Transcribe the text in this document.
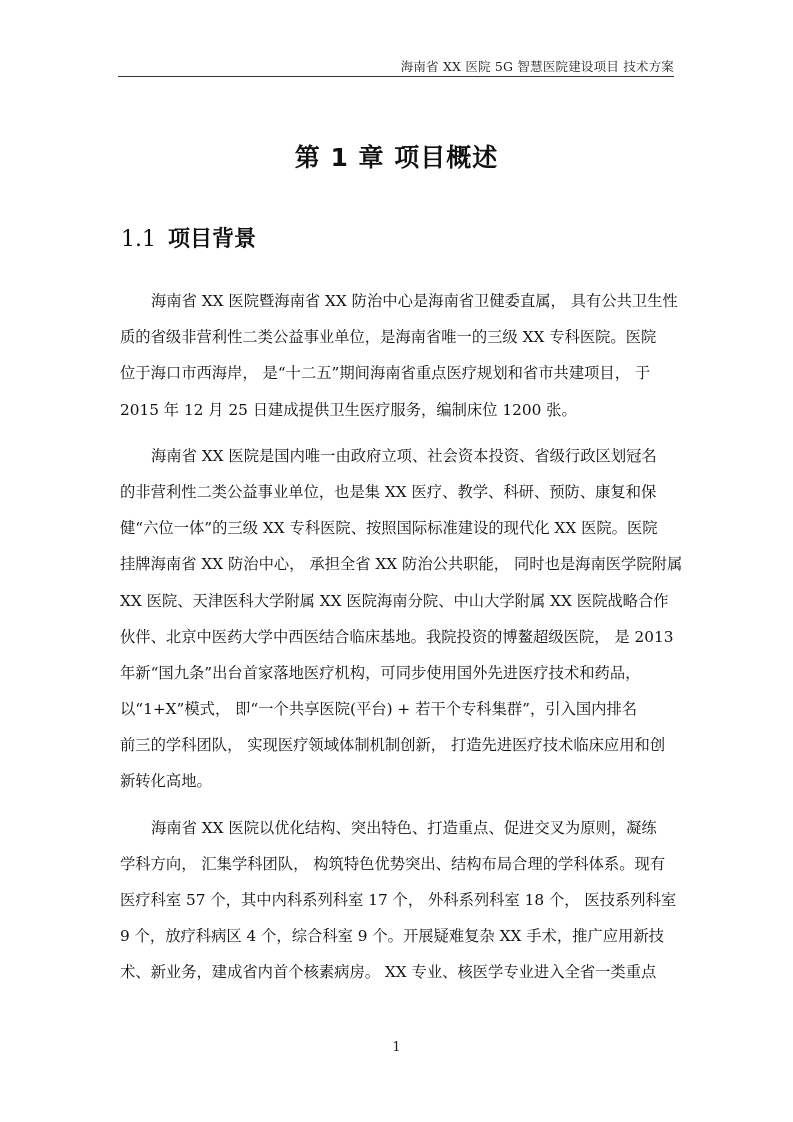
海南省 XX 医院 5G 智慧医院建设项目 技术方案
第 1 章 项目概述
1.1 项目背景
海南省 XX 医院暨海南省 XX 防治中心是海南省卫健委直属， 具有公共卫生性
质的省级非营利性二类公益事业单位，是海南省唯一的三级 XX 专科医院。医院
位于海口市西海岸， 是“十二五”期间海南省重点医疗规划和省市共建项目， 于
2015 年 12 月 25 日建成提供卫生医疗服务，编制床位 1200 张。
海南省 XX 医院是国内唯一由政府立项、社会资本投资、省级行政区划冠名
的非营利性二类公益事业单位，也是集 XX 医疗、教学、科研、预防、康复和保
健“六位一体”的三级 XX 专科医院、按照国际标准建设的现代化 XX 医院。医院
挂牌海南省 XX 防治中心， 承担全省 XX 防治公共职能， 同时也是海南医学院附属
XX 医院、天津医科大学附属 XX 医院海南分院、中山大学附属 XX 医院战略合作
伙伴、北京中医药大学中西医结合临床基地。我院投资的博鳌超级医院， 是 2013
年新“国九条”出台首家落地医疗机构，可同步使用国外先进医疗技术和药品，
以“1+X”模式， 即“一个共享医院(平台) + 若干个专科集群”，引入国内排名
前三的学科团队， 实现医疗领域体制机制创新， 打造先进医疗技术临床应用和创
新转化高地。
海南省 XX 医院以优化结构、突出特色、打造重点、促进交叉为原则，凝练
学科方向， 汇集学科团队， 构筑特色优势突出、结构布局合理的学科体系。现有
医疗科室 57 个，其中内科系列科室 17 个， 外科系列科室 18 个， 医技系列科室
9 个，放疗科病区 4 个，综合科室 9 个。开展疑难复杂 XX 手术，推广应用新技
术、新业务，建成省内首个核素病房。 XX 专业、核医学专业进入全省一类重点
1
